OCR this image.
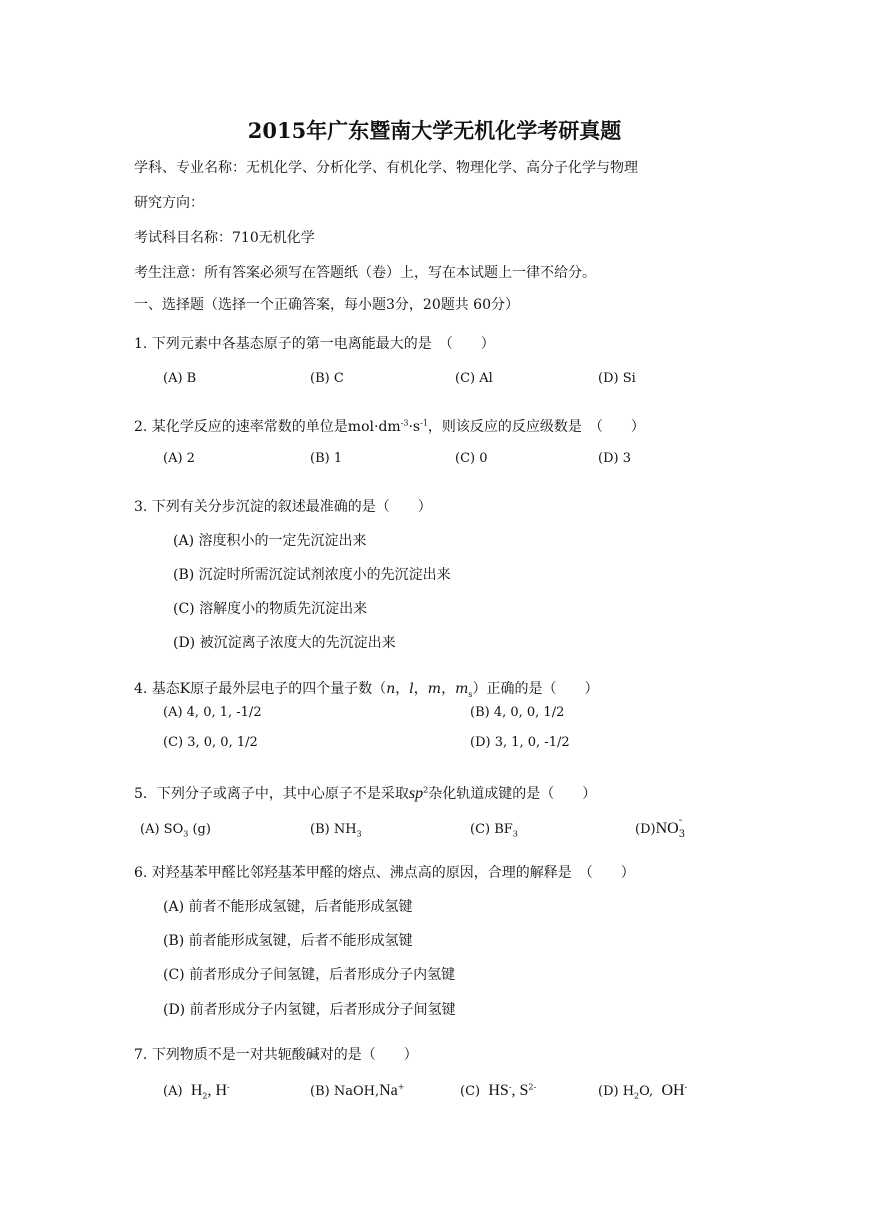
2015年广东暨南大学无机化学考研真题
学科、专业名称：无机化学、分析化学、有机化学、物理化学、高分子化学与物理
研究方向：
考试科目名称：710无机化学
考生注意：所有答案必须写在答题纸（卷）上，写在本试题上一律不给分。
一、选择题（选择一个正确答案，每小题3分，20题共 60分）
1. 下列元素中各基态原子的第一电离能最大的是　（　　）
(A) B	(B) C	(C) Al	(D) Si
2. 某化学反应的速率常数的单位是$mol\cdot dm^{-3}\cdot s^{-1}$，则该反应的反应级数是　（　　）
(A) 2	(B) 1	(C) 0	(D) 3
3. 下列有关分步沉淀的叙述最准确的是（　　）
(A) 溶度积小的一定先沉淀出来
(B) 沉淀时所需沉淀试剂浓度小的先沉淀出来
(C) 溶解度小的物质先沉淀出来
(D) 被沉淀离子浓度大的先沉淀出来
4. 基态K原子最外层电子的四个量子数（n，l，m，$m_s$）正确的是（　　）
(A) 4, 0, 1, -1/2	(B) 4, 0, 0, 1/2
(C) 3, 0, 0, 1/2	(D) 3, 1, 0, -1/2
5．下列分子或离子中，其中心原子不是采取$sp^2$杂化轨道成键的是（　　）
(A) $SO_3$ (g)	(B) $NH_3$	(C) $BF_3$	(D)NO -
3
6. 对羟基苯甲醛比邻羟基苯甲醛的熔点、沸点高的原因，合理的解释是　（　　）
(A) 前者不能形成氢键，后者能形成氢键
(B) 前者能形成氢键，后者不能形成氢键
(C) 前者形成分子间氢键，后者形成分子内氢键
(D) 前者形成分子内氢键，后者形成分子间氢键
7. 下列物质不是一对共轭酸碱对的是（　　）
(A) $H_2$, H-	(B) NaOH,Na+	(C) HS-, $S^{2-}$	(D) $H_2O$, OH-
